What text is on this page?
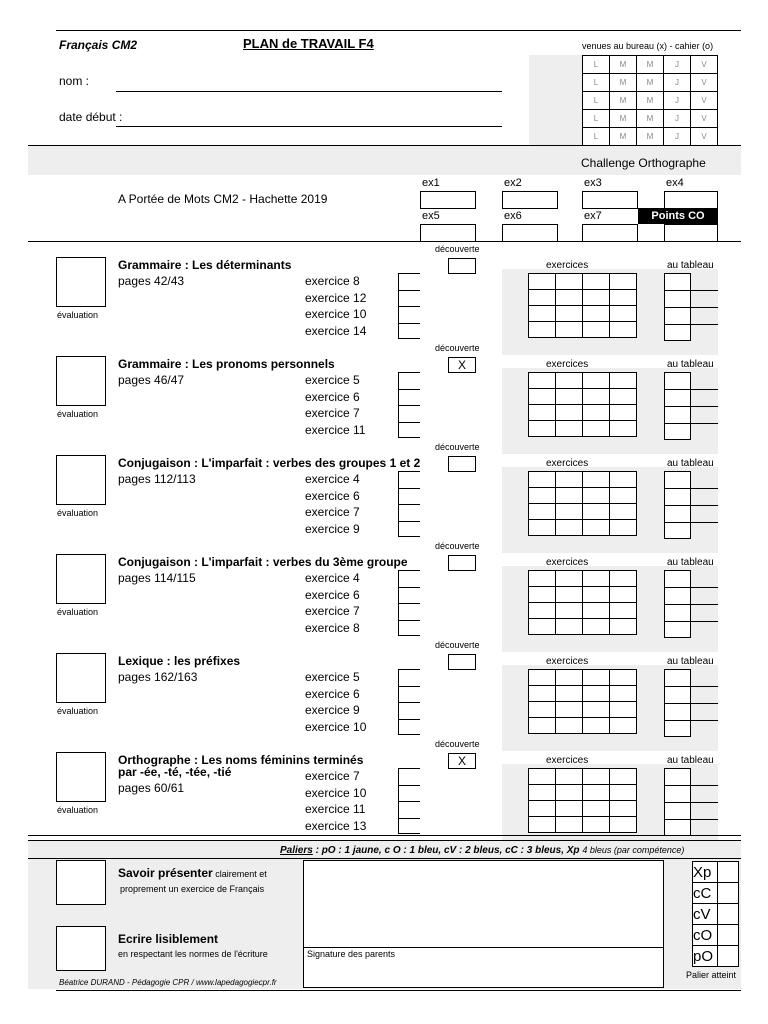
Français CM2	PLAN de TRAVAIL F4	venues au bureau (x) - cahier (o)
nom :
date début :
L	M	M	J	V
L	M	M	J	V
L	M	M	J	V
L	M	M	J	V
L	M	M	J	V
Challenge Orthographe
A Portée de Mots CM2 - Hachette 2019
ex1	ex2	ex3	ex4
ex5	ex6	ex7	Points CO
évaluation
Grammaire : Les déterminants
pages 42/43	exercice 8
exercice 12
exercice 10
exercice 14
découverte
exercices	au tableau

évaluation
Grammaire : Les pronoms personnels
pages 46/47	exercice 5
exercice 6
exercice 7
exercice 11
découverte
X	exercices	au tableau

évaluation
Conjugaison : L'imparfait : verbes des groupes 1 et 2
pages 112/113	exercice 4
exercice 6
exercice 7
exercice 9
découverte
exercices	au tableau

évaluation
Conjugaison : L'imparfait : verbes du 3ème groupe
pages 114/115	exercice 4
exercice 6
exercice 7
exercice 8
découverte
exercices	au tableau

évaluation
Lexique : les préfixes
pages 162/163	exercice 5
exercice 6
exercice 9
exercice 10
découverte
exercices	au tableau

évaluation
Orthographe : Les noms féminins terminés
par -ée, -té, -tée, -tié
pages 60/61
exercice 7
exercice 10
exercice 11
exercice 13
découverte
X	exercices	au tableau

Paliers : pO : 1 jaune, c O : 1 bleu, cV : 2 bleus, cC : 3 bleus, Xp 4 bleus (par compétence)
Savoir présenter clairement et
proprement un exercice de Français
Ecrire lisiblement
en respectant les normes de l'écriture	Signature des parents
Xp	
cC	
cV	
cO	
pO	
Palier atteint
Béatrice DURAND - Pédagogie CPR / www.lapedagogiecpr.fr
